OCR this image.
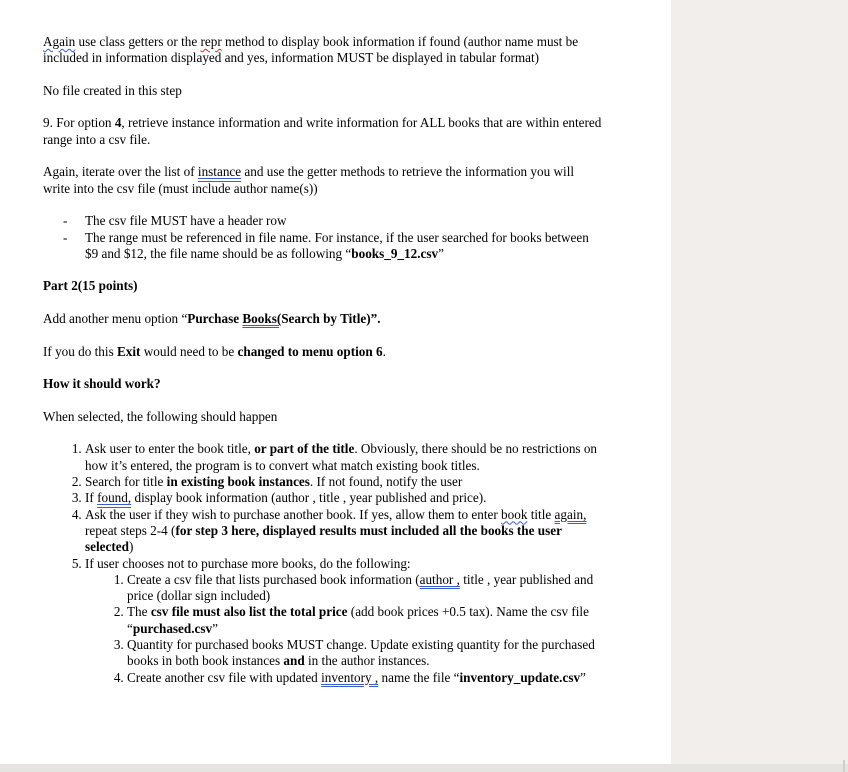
Again use class getters or the repr method to display book information if found (author name must be included in information displayed and yes, information MUST be displayed in tabular format)

No file created in this step

9. For option 4, retrieve instance information and write information for ALL books that are within entered range into a csv file.

Again, iterate over the list of instance and use the getter methods to retrieve the information you will write into the csv file (must include author name(s))

- The csv file MUST have a header row
- The range must be referenced in file name. For instance, if the user searched for books between $9 and $12, the file name should be as following “books_9_12.csv”

Part 2(15 points)

Add another menu option “Purchase Books(Search by Title)”.

If you do this Exit would need to be changed to menu option 6.

How it should work?

When selected, the following should happen

1. Ask user to enter the book title, or part of the title. Obviously, there should be no restrictions on how it’s entered, the program is to convert what match existing book titles.
2. Search for title in existing book instances. If not found, notify the user
3. If found, display book information (author , title , year published and price).
4. Ask the user if they wish to purchase another book. If yes, allow them to enter book title again, repeat steps 2-4 (for step 3 here, displayed results must included all the books the user selected)
5. If user chooses not to purchase more books, do the following:
1. Create a csv file that lists purchased book information (author , title , year published and price (dollar sign included)
2. The csv file must also list the total price (add book prices +0.5 tax). Name the csv file “purchased.csv”
3. Quantity for purchased books MUST change. Update existing quantity for the purchased books in both book instances and in the author instances.
4. Create another csv file with updated inventory , name the file “inventory_update.csv”
